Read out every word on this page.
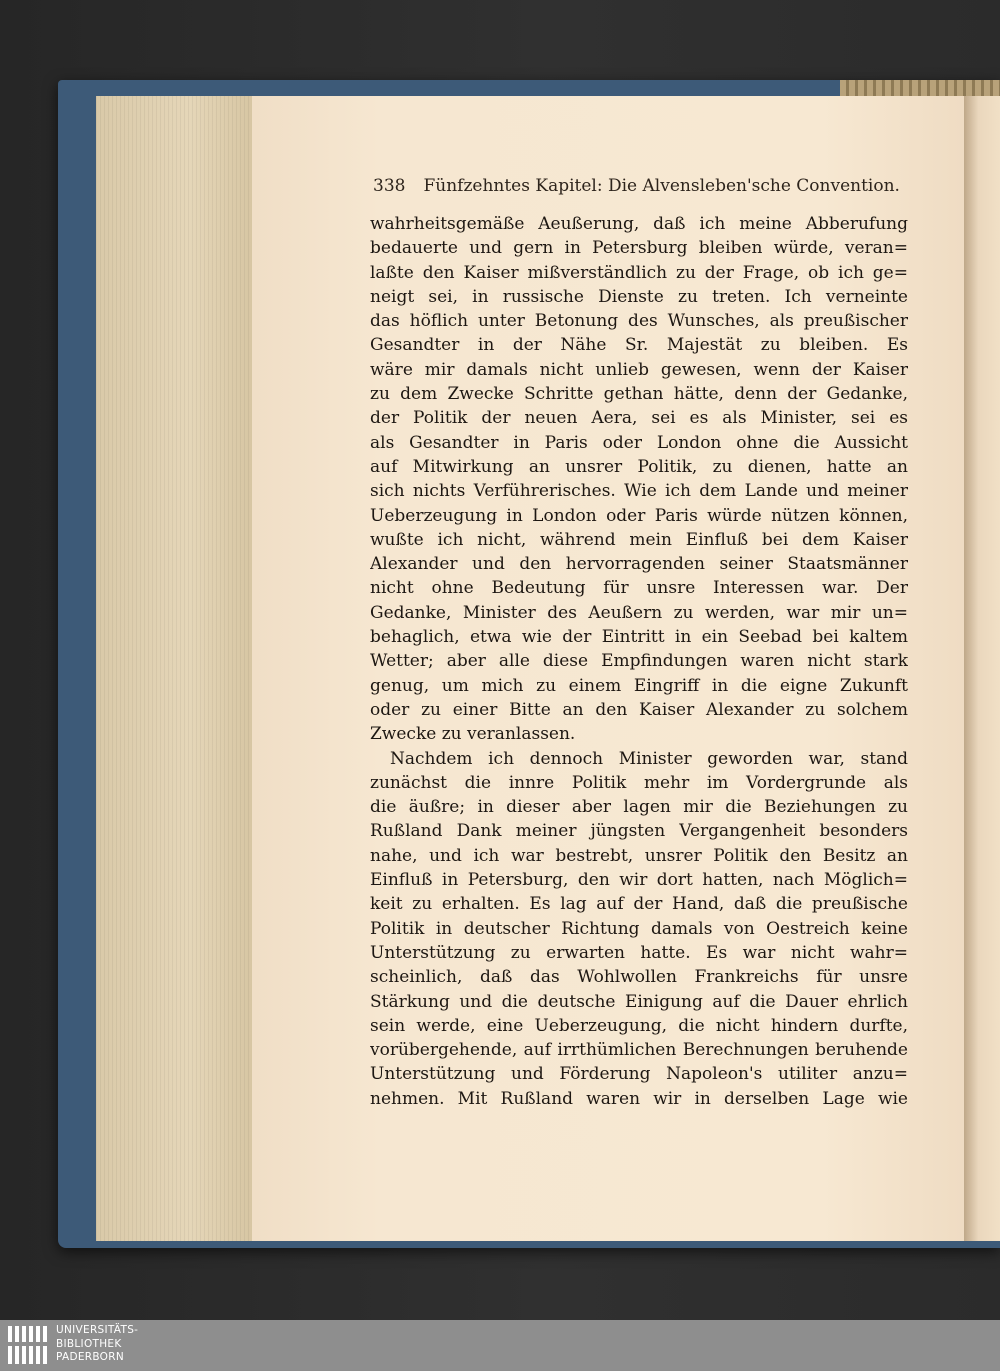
338 Fünfzehntes Kapitel: Die Alvensleben'sche Convention.
wahrheitsgemäße Aeußerung, daß ich meine Abberufung
bedauerte und gern in Petersburg bleiben würde, veran=
laßte den Kaiser mißverständlich zu der Frage, ob ich ge=
neigt sei, in russische Dienste zu treten. Ich verneinte
das höflich unter Betonung des Wunsches, als preußischer
Gesandter in der Nähe Sr. Majestät zu bleiben. Es
wäre mir damals nicht unlieb gewesen, wenn der Kaiser
zu dem Zwecke Schritte gethan hätte, denn der Gedanke,
der Politik der neuen Aera, sei es als Minister, sei es
als Gesandter in Paris oder London ohne die Aussicht
auf Mitwirkung an unsrer Politik, zu dienen, hatte an
sich nichts Verführerisches. Wie ich dem Lande und meiner
Ueberzeugung in London oder Paris würde nützen können,
wußte ich nicht, während mein Einfluß bei dem Kaiser
Alexander und den hervorragenden seiner Staatsmänner
nicht ohne Bedeutung für unsre Interessen war. Der
Gedanke, Minister des Aeußern zu werden, war mir un=
behaglich, etwa wie der Eintritt in ein Seebad bei kaltem
Wetter; aber alle diese Empfindungen waren nicht stark
genug, um mich zu einem Eingriff in die eigne Zukunft
oder zu einer Bitte an den Kaiser Alexander zu solchem
Zwecke zu veranlassen.
Nachdem ich dennoch Minister geworden war, stand
zunächst die innre Politik mehr im Vordergrunde als
die äußre; in dieser aber lagen mir die Beziehungen zu
Rußland Dank meiner jüngsten Vergangenheit besonders
nahe, und ich war bestrebt, unsrer Politik den Besitz an
Einfluß in Petersburg, den wir dort hatten, nach Möglich=
keit zu erhalten. Es lag auf der Hand, daß die preußische
Politik in deutscher Richtung damals von Oestreich keine
Unterstützung zu erwarten hatte. Es war nicht wahr=
scheinlich, daß das Wohlwollen Frankreichs für unsre
Stärkung und die deutsche Einigung auf die Dauer ehrlich
sein werde, eine Ueberzeugung, die nicht hindern durfte,
vorübergehende, auf irrthümlichen Berechnungen beruhende
Unterstützung und Förderung Napoleon's utiliter anzu=
nehmen. Mit Rußland waren wir in derselben Lage wie
UNIVERSITÄTS-
BIBLIOTHEK
PADERBORN
